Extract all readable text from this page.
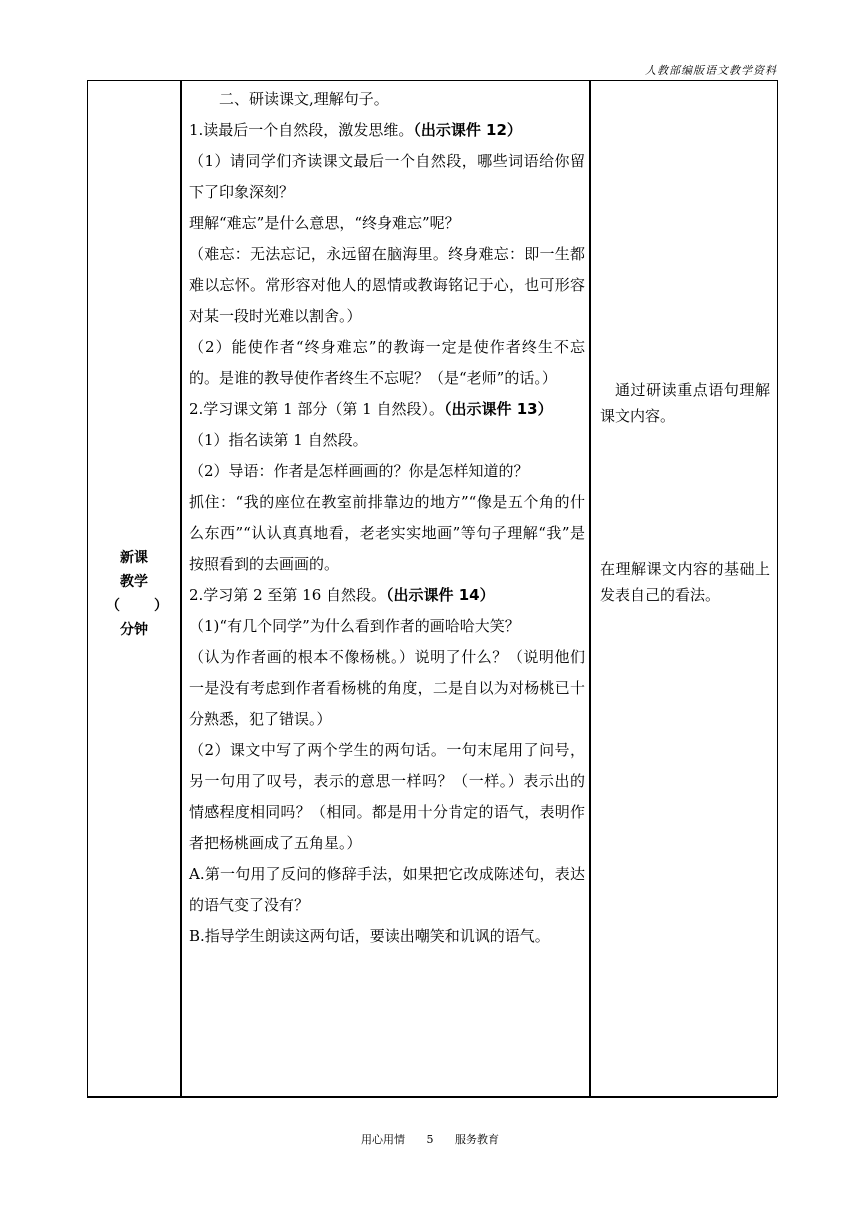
人教部编版语文教学资料
新课
教学
（ ）
分钟

二、研读课文,理解句子。

1.读最后一个自然段，激发思维。（出示课件 12）

（1）请同学们齐读课文最后一个自然段，哪些词语给你留下了印象深刻？

理解“难忘”是什么意思，“终身难忘”呢？

（难忘：无法忘记，永远留在脑海里。终身难忘：即一生都难以忘怀。常形容对他人的恩情或教诲铭记于心，也可形容对某一段时光难以割舍。）

（2）能使作者“终身难忘”的教诲一定是使作者终生不忘的。是谁的教导使作者终生不忘呢？（是“老师”的话。）

2.学习课文第 1 部分（第 1 自然段）。（出示课件 13）

（1）指名读第 1 自然段。

（2）导语：作者是怎样画画的？你是怎样知道的？

抓住：“我的座位在教室前排靠边的地方”“像是五个角的什么东西”“认认真真地看，老老实实地画”等句子理解“我”是按照看到的去画画的。

2.学习第 2 至第 16 自然段。（出示课件 14）

（1)“有几个同学”为什么看到作者的画哈哈大笑？

（认为作者画的根本不像杨桃。）说明了什么？（说明他们一是没有考虑到作者看杨桃的角度，二是自以为对杨桃已十分熟悉，犯了错误。）

（2）课文中写了两个学生的两句话。一句末尾用了问号，另一句用了叹号，表示的意思一样吗？（一样。）表示出的情感程度相同吗？（相同。都是用十分肯定的语气，表明作者把杨桃画成了五角星。）

A.第一句用了反问的修辞手法，如果把它改成陈述句，表达的语气变了没有？

B.指导学生朗读这两句话，要读出嘲笑和讥讽的语气。

通过研读重点语句理解课文内容。
在理解课文内容的基础上发表自己的看法。
用心用情 5 服务教育
